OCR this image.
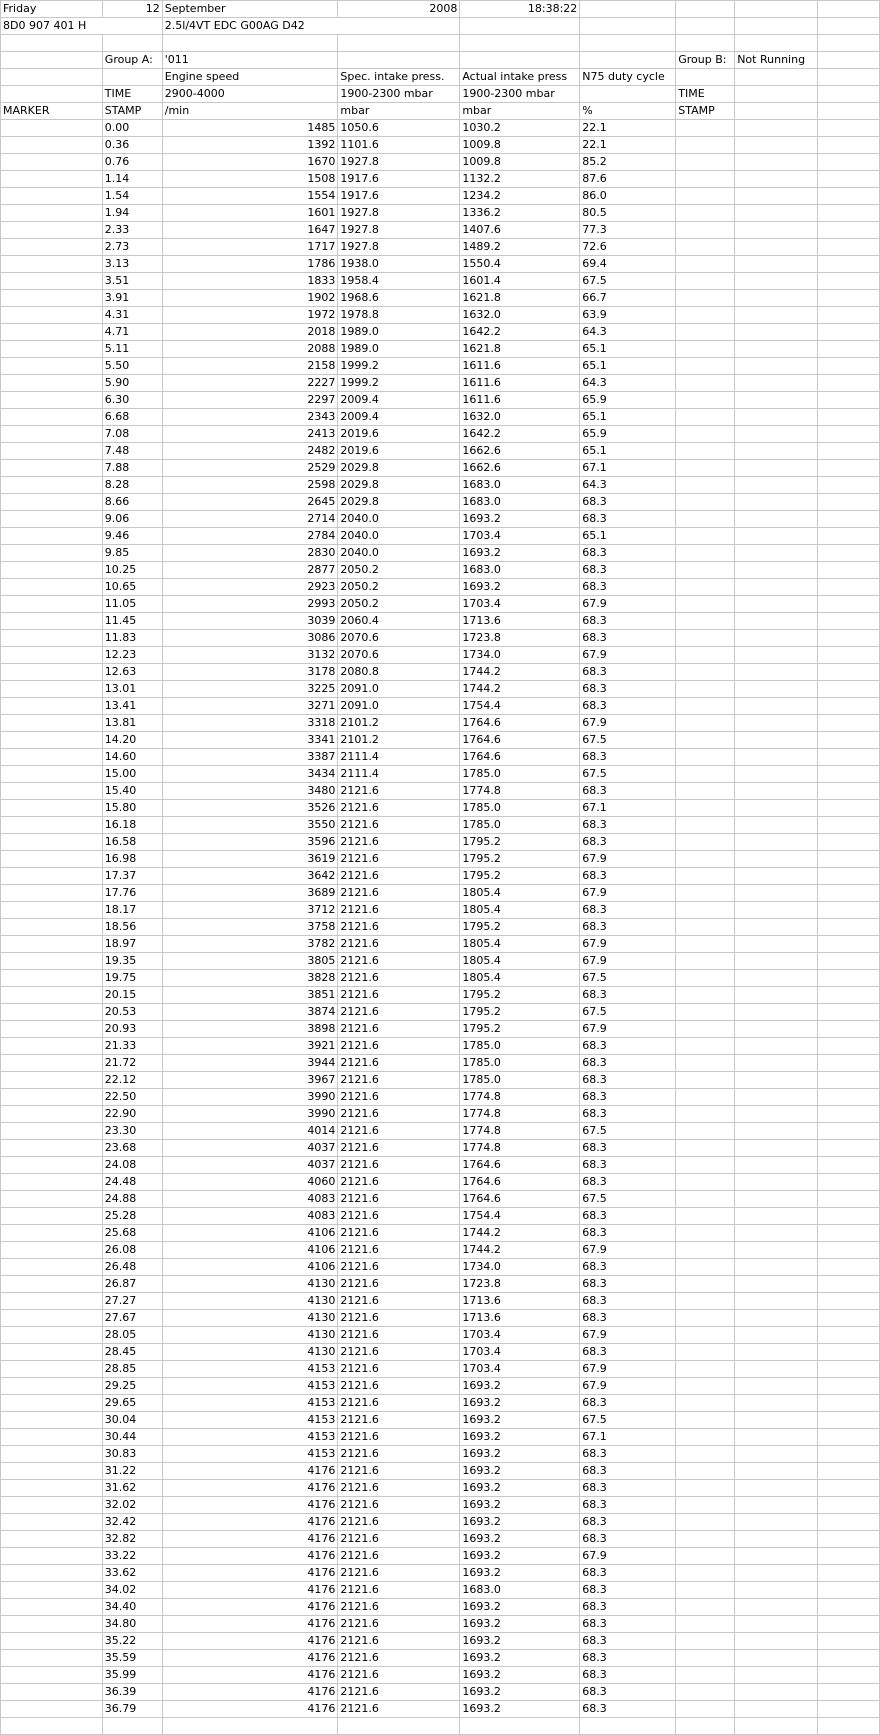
Friday	12	September	2008	18:38:22				
8D0 907 401 H		2.5l/4VT EDC G00AG D42						

	Group A:	'011				Group B:	Not Running	
		Engine speed	Spec. intake press.	Actual intake press	N75 duty cycle			
	TIME	2900-4000	1900-2300 mbar	1900-2300 mbar		TIME		
MARKER	STAMP	/min	mbar	mbar	%	STAMP		
	0.00	1485	1050.6	1030.2	22.1			
	0.36	1392	1101.6	1009.8	22.1			
	0.76	1670	1927.8	1009.8	85.2			
	1.14	1508	1917.6	1132.2	87.6			
	1.54	1554	1917.6	1234.2	86.0			
	1.94	1601	1927.8	1336.2	80.5			
	2.33	1647	1927.8	1407.6	77.3			
	2.73	1717	1927.8	1489.2	72.6			
	3.13	1786	1938.0	1550.4	69.4			
	3.51	1833	1958.4	1601.4	67.5			
	3.91	1902	1968.6	1621.8	66.7			
	4.31	1972	1978.8	1632.0	63.9			
	4.71	2018	1989.0	1642.2	64.3			
	5.11	2088	1989.0	1621.8	65.1			
	5.50	2158	1999.2	1611.6	65.1			
	5.90	2227	1999.2	1611.6	64.3			
	6.30	2297	2009.4	1611.6	65.9			
	6.68	2343	2009.4	1632.0	65.1			
	7.08	2413	2019.6	1642.2	65.9			
	7.48	2482	2019.6	1662.6	65.1			
	7.88	2529	2029.8	1662.6	67.1			
	8.28	2598	2029.8	1683.0	64.3			
	8.66	2645	2029.8	1683.0	68.3			
	9.06	2714	2040.0	1693.2	68.3			
	9.46	2784	2040.0	1703.4	65.1			
	9.85	2830	2040.0	1693.2	68.3			
	10.25	2877	2050.2	1683.0	68.3			
	10.65	2923	2050.2	1693.2	68.3			
	11.05	2993	2050.2	1703.4	67.9			
	11.45	3039	2060.4	1713.6	68.3			
	11.83	3086	2070.6	1723.8	68.3			
	12.23	3132	2070.6	1734.0	67.9			
	12.63	3178	2080.8	1744.2	68.3			
	13.01	3225	2091.0	1744.2	68.3			
	13.41	3271	2091.0	1754.4	68.3			
	13.81	3318	2101.2	1764.6	67.9			
	14.20	3341	2101.2	1764.6	67.5			
	14.60	3387	2111.4	1764.6	68.3			
	15.00	3434	2111.4	1785.0	67.5			
	15.40	3480	2121.6	1774.8	68.3			
	15.80	3526	2121.6	1785.0	67.1			
	16.18	3550	2121.6	1785.0	68.3			
	16.58	3596	2121.6	1795.2	68.3			
	16.98	3619	2121.6	1795.2	67.9			
	17.37	3642	2121.6	1795.2	68.3			
	17.76	3689	2121.6	1805.4	67.9			
	18.17	3712	2121.6	1805.4	68.3			
	18.56	3758	2121.6	1795.2	68.3			
	18.97	3782	2121.6	1805.4	67.9			
	19.35	3805	2121.6	1805.4	67.9			
	19.75	3828	2121.6	1805.4	67.5			
	20.15	3851	2121.6	1795.2	68.3			
	20.53	3874	2121.6	1795.2	67.5			
	20.93	3898	2121.6	1795.2	67.9			
	21.33	3921	2121.6	1785.0	68.3			
	21.72	3944	2121.6	1785.0	68.3			
	22.12	3967	2121.6	1785.0	68.3			
	22.50	3990	2121.6	1774.8	68.3			
	22.90	3990	2121.6	1774.8	68.3			
	23.30	4014	2121.6	1774.8	67.5			
	23.68	4037	2121.6	1774.8	68.3			
	24.08	4037	2121.6	1764.6	68.3			
	24.48	4060	2121.6	1764.6	68.3			
	24.88	4083	2121.6	1764.6	67.5			
	25.28	4083	2121.6	1754.4	68.3			
	25.68	4106	2121.6	1744.2	68.3			
	26.08	4106	2121.6	1744.2	67.9			
	26.48	4106	2121.6	1734.0	68.3			
	26.87	4130	2121.6	1723.8	68.3			
	27.27	4130	2121.6	1713.6	68.3			
	27.67	4130	2121.6	1713.6	68.3			
	28.05	4130	2121.6	1703.4	67.9			
	28.45	4130	2121.6	1703.4	68.3			
	28.85	4153	2121.6	1703.4	67.9			
	29.25	4153	2121.6	1693.2	67.9			
	29.65	4153	2121.6	1693.2	68.3			
	30.04	4153	2121.6	1693.2	67.5			
	30.44	4153	2121.6	1693.2	67.1			
	30.83	4153	2121.6	1693.2	68.3			
	31.22	4176	2121.6	1693.2	68.3			
	31.62	4176	2121.6	1693.2	68.3			
	32.02	4176	2121.6	1693.2	68.3			
	32.42	4176	2121.6	1693.2	68.3			
	32.82	4176	2121.6	1693.2	68.3			
	33.22	4176	2121.6	1693.2	67.9			
	33.62	4176	2121.6	1693.2	68.3			
	34.02	4176	2121.6	1683.0	68.3			
	34.40	4176	2121.6	1693.2	68.3			
	34.80	4176	2121.6	1693.2	68.3			
	35.22	4176	2121.6	1693.2	68.3			
	35.59	4176	2121.6	1693.2	68.3			
	35.99	4176	2121.6	1693.2	68.3			
	36.39	4176	2121.6	1693.2	68.3			
	36.79	4176	2121.6	1693.2	68.3			
